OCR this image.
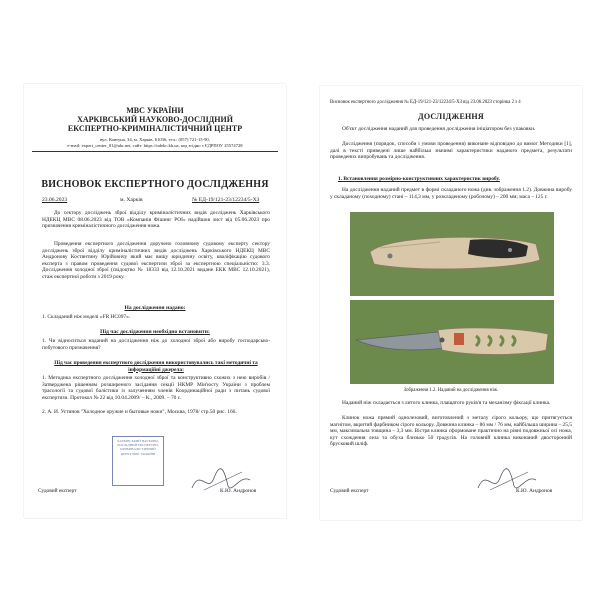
МВС УКРАЇНИ
ХАРКІВСЬКИЙ НАУКОВО-ДОСЛІДНИЙ
ЕКСПЕРТНО-КРИМІНАЛІСТИЧНИЙ ЦЕНТР
вул. Ковтуна, 34, м. Харків, 61036, тел.: (057) 721-15-90,
e-mail: expert_center_01@ukr.net, сайт: https://ndekc.kh.ua, код згідно з ЄДРПОУ 25574728
ВИСНОВОК ЕКСПЕРТНОГО ДОСЛІДЖЕННЯ
23.06.2023	м. Харків	№ ЕД-19/121-23/12234/5-ХЗ
До сектору досліджень зброї відділу криміналістичних видів досліджень Харківського НДЕКЦ МВС 08.06.2023 від ТОВ «Компанія Фішинг РОІ» надійшов лист від 05.06.2023 про призначення криміналістичного дослідження ножа.
Проведення експертного дослідження доручено головному судовому експерту сектору досліджень зброї відділу криміналістичних видів досліджень Харківського НДЕКЦ МВС Андронову Костянтину Юрійовичу який має вищу юридичну освіту, кваліфікацію судового експерта з правом проведення судової експертизи зброї за експертною спеціальністю: 3.3. Дослідження холодної зброї (свідоцтво № 18333 від 12.10.2021 видане ЕКК МВС 12.10.2021), стаж експертної роботи з 2019 року.
На дослідження надано:
1. Складаний ніж моделі «FR HC097».
Під час дослідження необхідно встановити:
1. Чи відноситься наданий на дослідження ніж до холодної зброї або виробу господарсько-побутового призначення?
Під час проведення експертного дослідження використовувались такі методичні та інформаційні джерела:
1. Методика експертного дослідження холодної зброї та конструктивно схожих з нею виробів /Затверджена рішенням розширеного засідання секції НКМР Мін'юсту України з проблем трасології та судової балістики із залученням членів Координаційної ради з питань судової експертизи. Протокол № 22 від 10.04.2009/ – К., 2009. – 70 с.
2. А. И. Устинов "Холодное оружие и бытовые ножи", Москва, 1978/ стр.50 рис. 166.
ХАРКІВСЬКИЙ НАУКОВО-ДОСЛІДНИЙ ЕКСПЕРТНО-КРИМІНАЛІСТИЧНИЙ ЦЕНТР МВС УКРАЇНИ
Судовий експерт	К.Ю. Андронов
Висновок експертного дослідження № ЕД-19/121-23/12234/5-ХЗ від 23.06.2023 сторінка 2 з 4
ДОСЛІДЖЕННЯ
Об'єкт дослідження наданий для проведення дослідження ініціатором без упаковки.
Дослідження (порядок, способи і умови проведення) виконане відповідно до вимог Методики [1], далі в тексті приведені лише найбільш значимі характеристики наданого предмета, результати проведених випробувань та дослідження.
1. Встановлення розмірно-конструктивних характеристик виробу.
На дослідження наданий предмет в формі складаного ножа (див. зображення 1.2). Довжина виробу у складаному (походному) стані – 114,3 мм, у розкладеному (робочому) – 200 мм; маса – 125 г.
Зображення 1.2. Наданий на дослідження ніж.
Наданий ніж складається з литого клинка, плащатого руків'я та механізму фіксації клинка.
Клинок ножа прямий однолезовий, виготовлений з металу сірого кольору, що притягується магнітом, вкритий фарбником сірого кольору. Довжина клинка – 86 мм / 76 мм, найбільша ширина – 25,5 мм, максимальна товщина – 3,3 мм. Вістря клинка сформоване практично на рівні подовжньої осі ножа, кут схождення леза та обуха близько 50 градусів. На головній клинка виконаний двосторонній брусковий шліф.
Судовий експерт	К.Ю. Андронов
